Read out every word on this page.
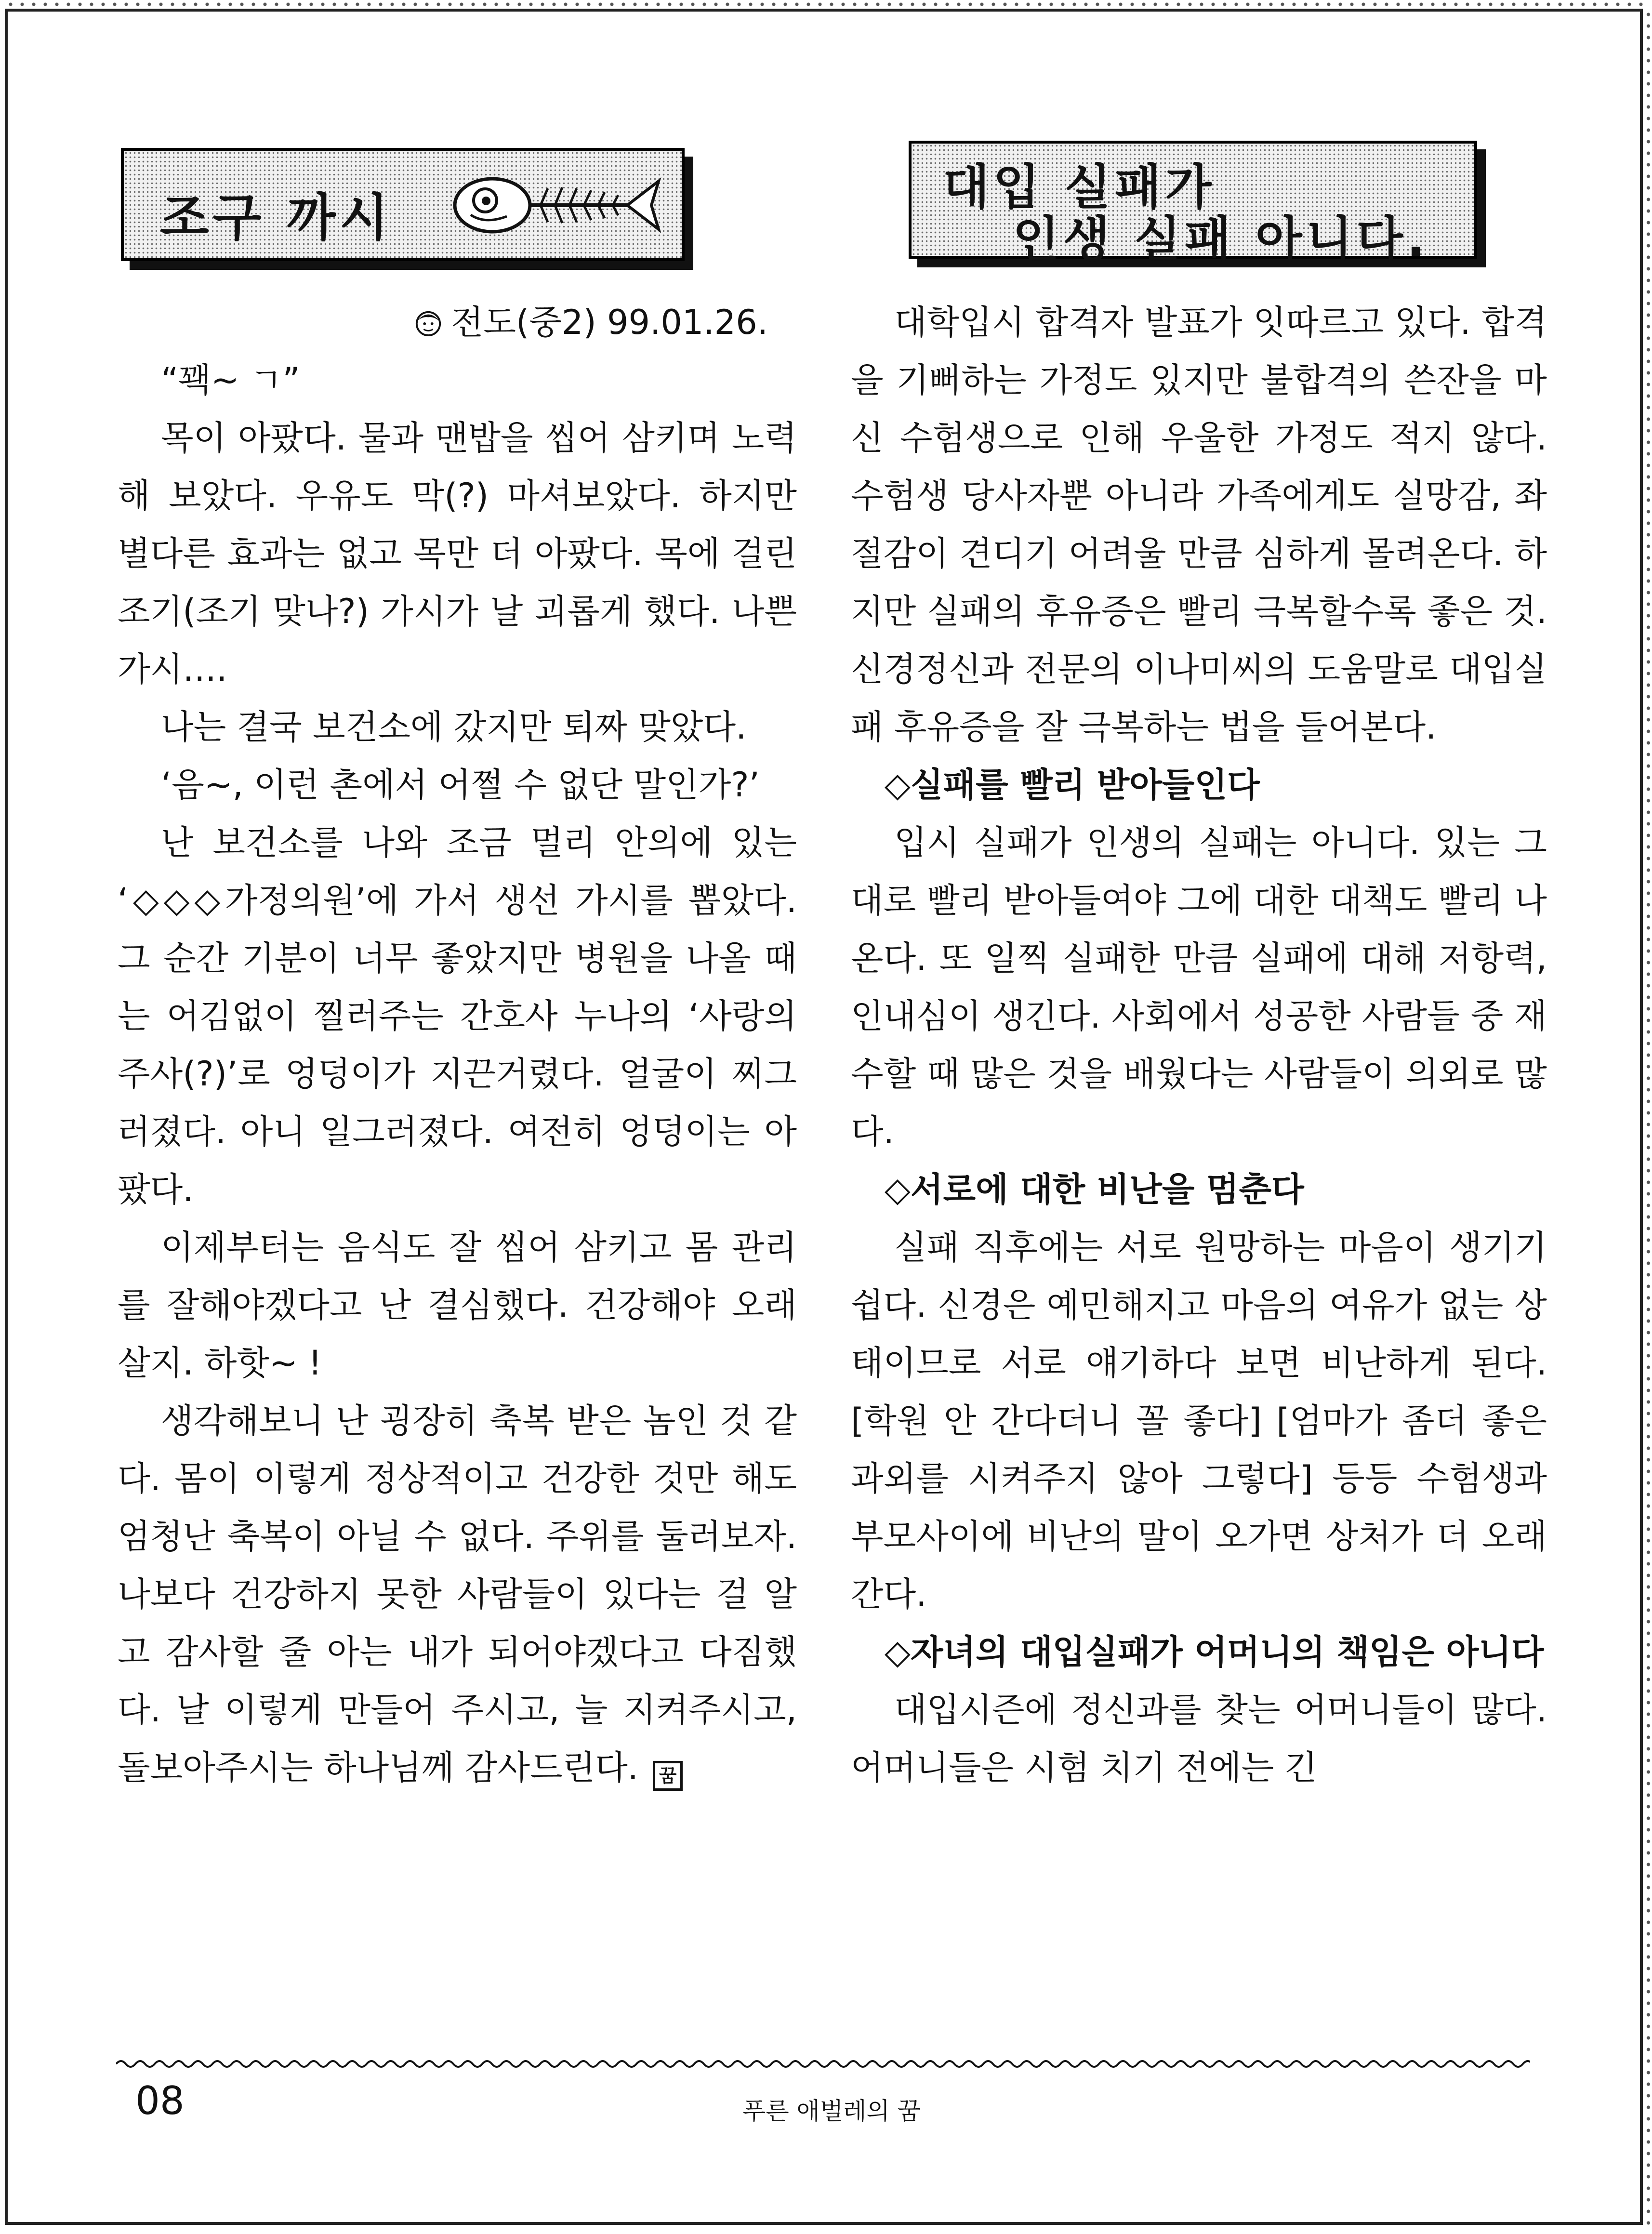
조구 까시
대입 실패가
인생 실패 아니다.
전도(중2) 99.01.26.

“꽥~ ㄱ”

목이 아팠다. 물과 맨밥을 씹어 삼키며 노력해 보았다. 우유도 막(?) 마셔보았다. 하지만 별다른 효과는 없고 목만 더 아팠다. 목에 걸린 조기(조기 맞나?) 가시가 날 괴롭게 했다. 나쁜 가시….

나는 결국 보건소에 갔지만 퇴짜 맞았다.

‘음~, 이런 촌에서 어쩔 수 없단 말인가?’

난 보건소를 나와 조금 멀리 안의에 있는 ‘◇◇◇가정의원’에 가서 생선 가시를 뽑았다. 그 순간 기분이 너무 좋았지만 병원을 나올 때는 어김없이 찔러주는 간호사 누나의 ‘사랑의 주사(?)’로 엉덩이가 지끈거렸다. 얼굴이 찌그러졌다. 아니 일그러졌다. 여전히 엉덩이는 아팠다.

이제부터는 음식도 잘 씹어 삼키고 몸 관리를 잘해야겠다고 난 결심했다. 건강해야 오래 살지. 하핫~ !

생각해보니 난 굉장히 축복 받은 놈인 것 같다. 몸이 이렇게 정상적이고 건강한 것만 해도 엄청난 축복이 아닐 수 없다. 주위를 둘러보자. 나보다 건강하지 못한 사람들이 있다는 걸 알고 감사할 줄 아는 내가 되어야겠다고 다짐했다. 날 이렇게 만들어 주시고, 늘 지켜주시고, 돌보아주시는 하나님께 감사드린다. 꿈

대학입시 합격자 발표가 잇따르고 있다. 합격을 기뻐하는 가정도 있지만 불합격의 쓴잔을 마신 수험생으로 인해 우울한 가정도 적지 않다. 수험생 당사자뿐 아니라 가족에게도 실망감, 좌절감이 견디기 어려울 만큼 심하게 몰려온다. 하지만 실패의 후유증은 빨리 극복할수록 좋은 것. 신경정신과 전문의 이나미씨의 도움말로 대입실패 후유증을 잘 극복하는 법을 들어본다.

◇실패를 빨리 받아들인다

입시 실패가 인생의 실패는 아니다. 있는 그대로 빨리 받아들여야 그에 대한 대책도 빨리 나온다. 또 일찍 실패한 만큼 실패에 대해 저항력, 인내심이 생긴다. 사회에서 성공한 사람들 중 재수할 때 많은 것을 배웠다는 사람들이 의외로 많다.

◇서로에 대한 비난을 멈춘다

실패 직후에는 서로 원망하는 마음이 생기기 쉽다. 신경은 예민해지고 마음의 여유가 없는 상태이므로 서로 얘기하다 보면 비난하게 된다. [학원 안 간다더니 꼴 좋다] [엄마가 좀더 좋은 과외를 시켜주지 않아 그렇다] 등등 수험생과 부모사이에 비난의 말이 오가면 상처가 더 오래간다.

◇자녀의 대입실패가 어머니의 책임은 아니다

대입시즌에 정신과를 찾는 어머니들이 많다. 어머니들은 시험 치기 전에는 긴

08	푸른 애벌레의 꿈
